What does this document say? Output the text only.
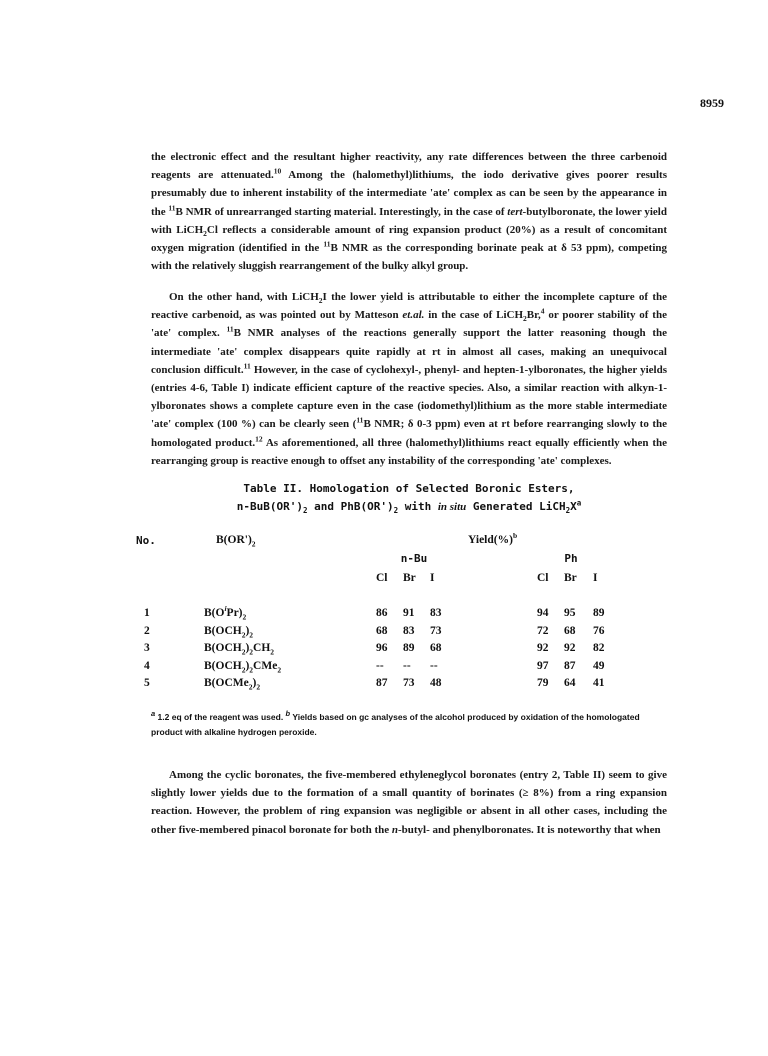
8959

the electronic effect and the resultant higher reactivity, any rate differences between the three carbenoid reagents are attenuated.$^{10}$ Among the (halomethyl)lithiums, the iodo derivative gives poorer results presumably due to inherent instability of the intermediate 'ate' complex as can be seen by the appearance in the $^{11}$B NMR of unrearranged starting material. Interestingly, in the case of tert-butylboronate, the lower yield with LiCH$_2$Cl reflects a considerable amount of ring expansion product (20%) as a result of concomitant oxygen migration (identified in the $^{11}$B NMR as the corresponding borinate peak at δ 53 ppm), competing with the relatively sluggish rearrangement of the bulky alkyl group.

On the other hand, with LiCH$_2$I the lower yield is attributable to either the incomplete capture of the reactive carbenoid, as was pointed out by Matteson et.al. in the case of LiCH$_2$Br,$^4$ or poorer stability of the 'ate' complex. $^{11}$B NMR analyses of the reactions generally support the latter reasoning though the intermediate 'ate' complex disappears quite rapidly at rt in almost all cases, making an unequivocal conclusion difficult.$^{11}$ However, in the case of cyclohexyl-, phenyl- and hepten-1-ylboronates, the higher yields (entries 4-6, Table I) indicate efficient capture of the reactive species. Also, a similar reaction with alkyn-1-ylboronates shows a complete capture even in the case (iodomethyl)lithium as the more stable intermediate 'ate' complex (100 %) can be clearly seen ($^{11}$B NMR; δ 0-3 ppm) even at rt before rearranging slowly to the homologated product.$^{12}$ As aforementioned, all three (halomethyl)lithiums react equally efficiently when the rearranging group is reactive enough to offset any instability of the corresponding 'ate' complexes.

Table II. Homologation of Selected Boronic Esters,

$n-BuB(OR')_2$ and $PhB(OR')_2$ with in situ Generated $LiCH_2X^a$

No.	$B(OR')_2$	Yield(%)$^b$
n-Bu	Ph
Cl Br I	Cl Br I
1	$B(O^iPr)_2$	86 91 83	94 95 89
2	$B(OCH_2)_2$	68 83 73	72 68 76
3	$B(OCH_2)_2CH_2$	96 89 68	92 92 82
4	$B(OCH_2)_2CMe_2$	-- -- --	97 87 49
5	$B(OCMe_2)_2$	87 73 48	79 64 41

$^a$ 1.2 eq of the reagent was used. $^b$ Yields based on gc analyses of the alcohol produced by oxidation of the homologated product with alkaline hydrogen peroxide.

Among the cyclic boronates, the five-membered ethyleneglycol boronates (entry 2, Table II) seem to give slightly lower yields due to the formation of a small quantity of borinates (≥ 8%) from a ring expansion reaction. However, the problem of ring expansion was negligible or absent in all other cases, including the other five-membered pinacol boronate for both the n-butyl- and phenylboronates. It is noteworthy that when
